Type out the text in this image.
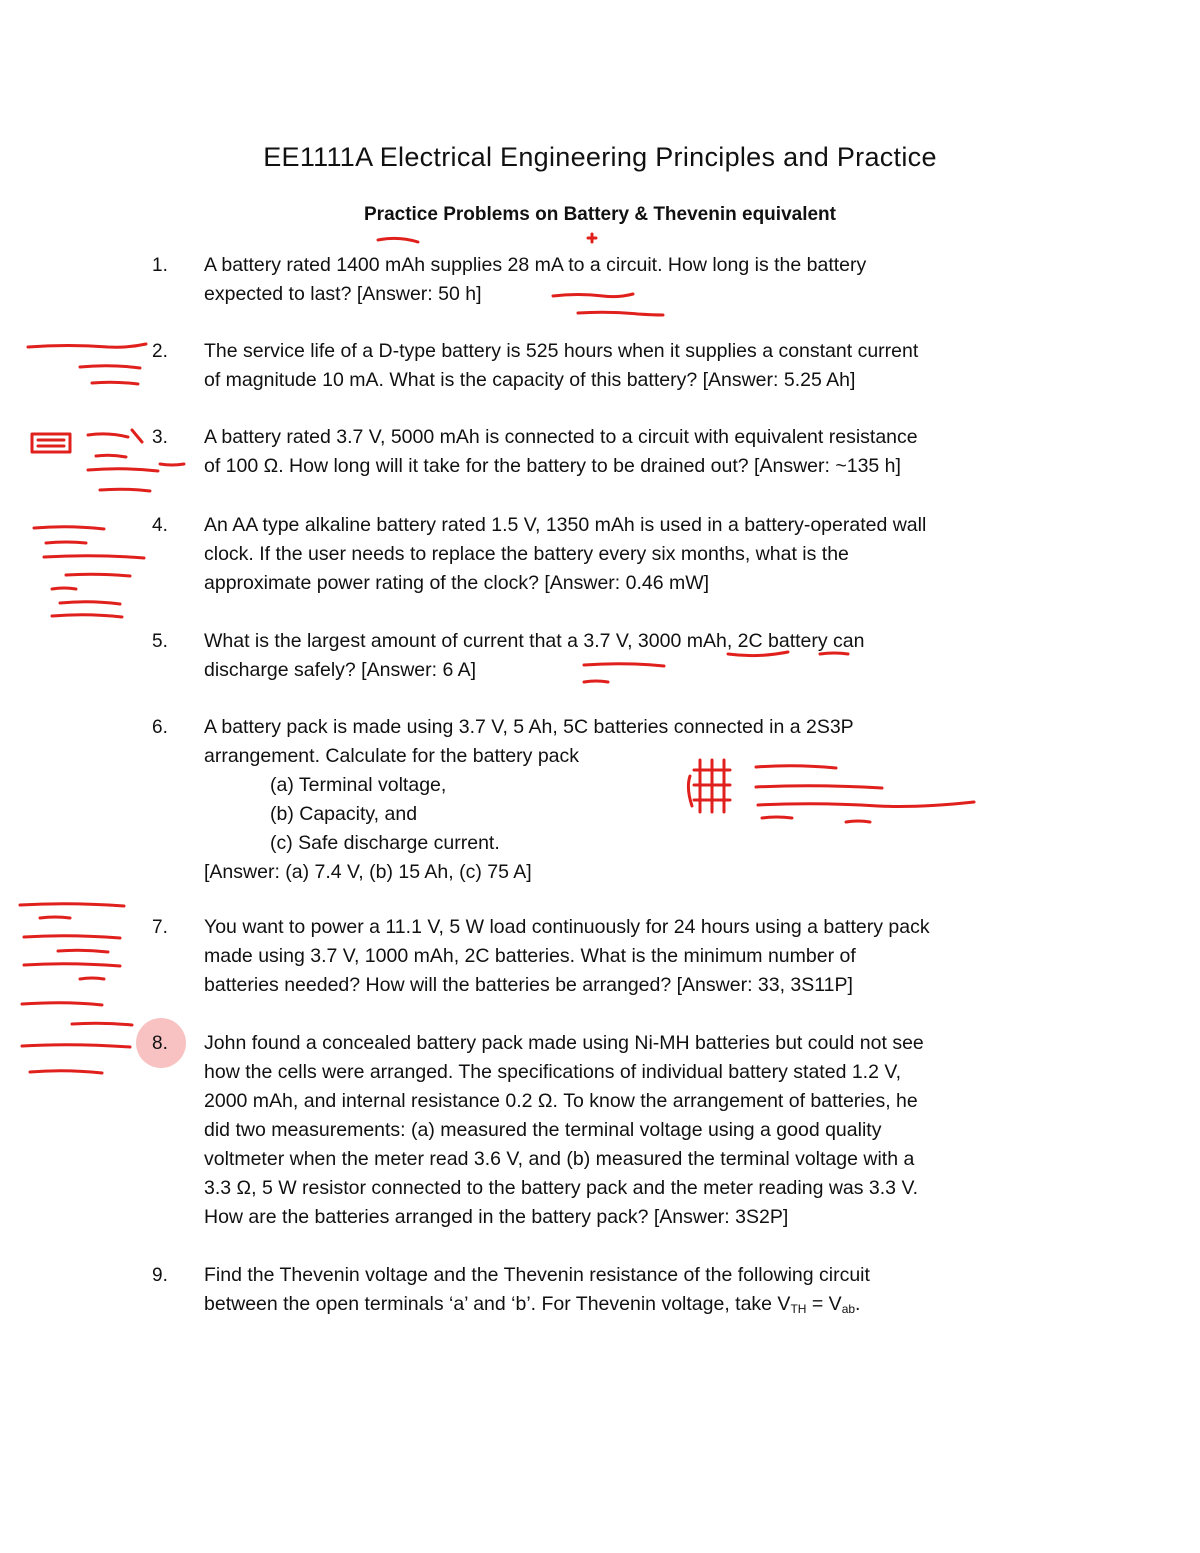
EE1111A Electrical Engineering Principles and Practice
Practice Problems on Battery & Thevenin equivalent
1. A battery rated 1400 mAh supplies 28 mA to a circuit. How long is the battery
expected to last? [Answer: 50 h]
2. The service life of a D-type battery is 525 hours when it supplies a constant current
of magnitude 10 mA. What is the capacity of this battery? [Answer: 5.25 Ah]
3. A battery rated 3.7 V, 5000 mAh is connected to a circuit with equivalent resistance
of 100 Ω. How long will it take for the battery to be drained out? [Answer: ~135 h]
4. An AA type alkaline battery rated 1.5 V, 1350 mAh is used in a battery-operated wall
clock. If the user needs to replace the battery every six months, what is the
approximate power rating of the clock? [Answer: 0.46 mW]
5. What is the largest amount of current that a 3.7 V, 3000 mAh, 2C battery can
discharge safely? [Answer: 6 A]
6. A battery pack is made using 3.7 V, 5 Ah, 5C batteries connected in a 2S3P
arrangement. Calculate for the battery pack
(a) Terminal voltage,
(b) Capacity, and
(c) Safe discharge current.
[Answer: (a) 7.4 V, (b) 15 Ah, (c) 75 A]
7. You want to power a 11.1 V, 5 W load continuously for 24 hours using a battery pack
made using 3.7 V, 1000 mAh, 2C batteries. What is the minimum number of
batteries needed? How will the batteries be arranged? [Answer: 33, 3S11P]
8. John found a concealed battery pack made using Ni-MH batteries but could not see
how the cells were arranged. The specifications of individual battery stated 1.2 V,
2000 mAh, and internal resistance 0.2 Ω. To know the arrangement of batteries, he
did two measurements: (a) measured the terminal voltage using a good quality
voltmeter when the meter read 3.6 V, and (b) measured the terminal voltage with a
3.3 Ω, 5 W resistor connected to the battery pack and the meter reading was 3.3 V.
How are the batteries arranged in the battery pack? [Answer: 3S2P]
9. Find the Thevenin voltage and the Thevenin resistance of the following circuit
between the open terminals ‘a’ and ‘b’. For Thevenin voltage, take $V_{TH} = V_{ab}$.
